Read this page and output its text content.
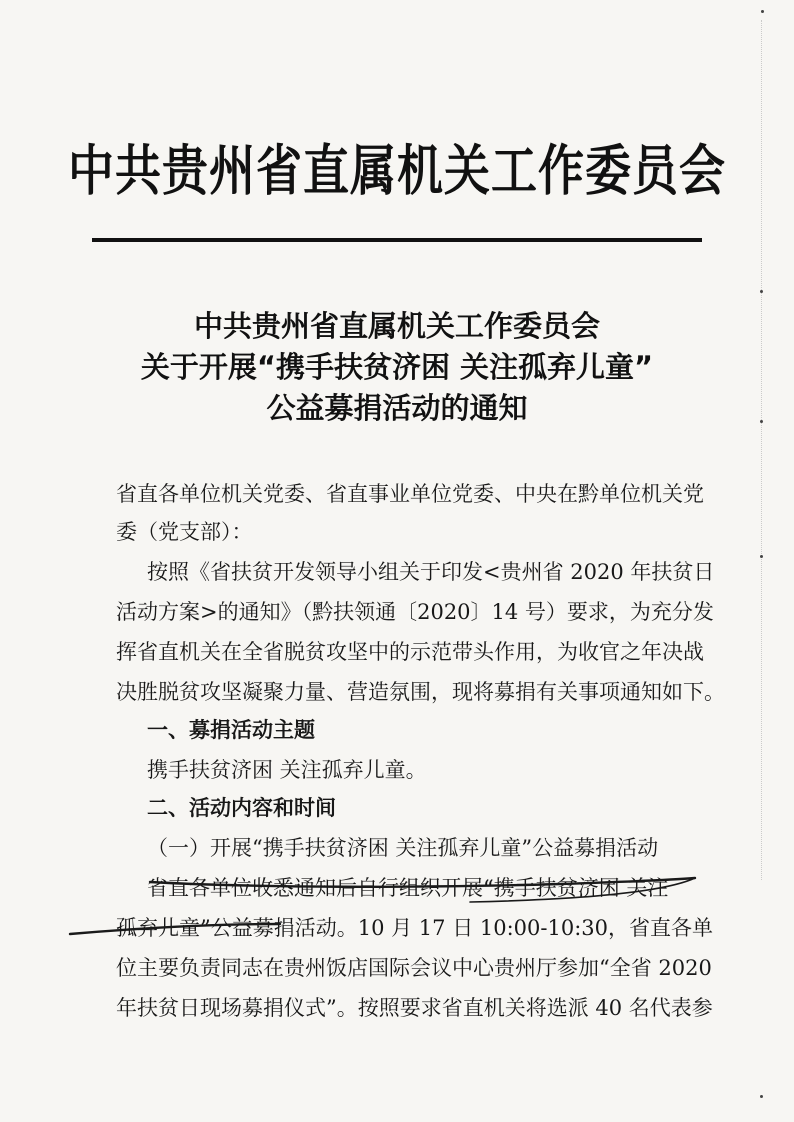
中共贵州省直属机关工作委员会
中共贵州省直属机关工作委员会
关于开展“携手扶贫济困 关注孤弃儿童”
公益募捐活动的通知
省直各单位机关党委、省直事业单位党委、中央在黔单位机关党
委（党支部）：
按照《省扶贫开发领导小组关于印发<贵州省 2020 年扶贫日
活动方案>的通知》（黔扶领通〔2020〕14 号）要求，为充分发
挥省直机关在全省脱贫攻坚中的示范带头作用，为收官之年决战
决胜脱贫攻坚凝聚力量、营造氛围，现将募捐有关事项通知如下。
一、募捐活动主题
携手扶贫济困 关注孤弃儿童。
二、活动内容和时间
（一）开展“携手扶贫济困 关注孤弃儿童”公益募捐活动
省直各单位收悉通知后自行组织开展“携手扶贫济困 关注
孤弃儿童”公益募捐活动。10 月 17 日 10:00-10:30，省直各单
位主要负责同志在贵州饭店国际会议中心贵州厅参加“全省 2020
年扶贫日现场募捐仪式”。按照要求省直机关将选派 40 名代表参
